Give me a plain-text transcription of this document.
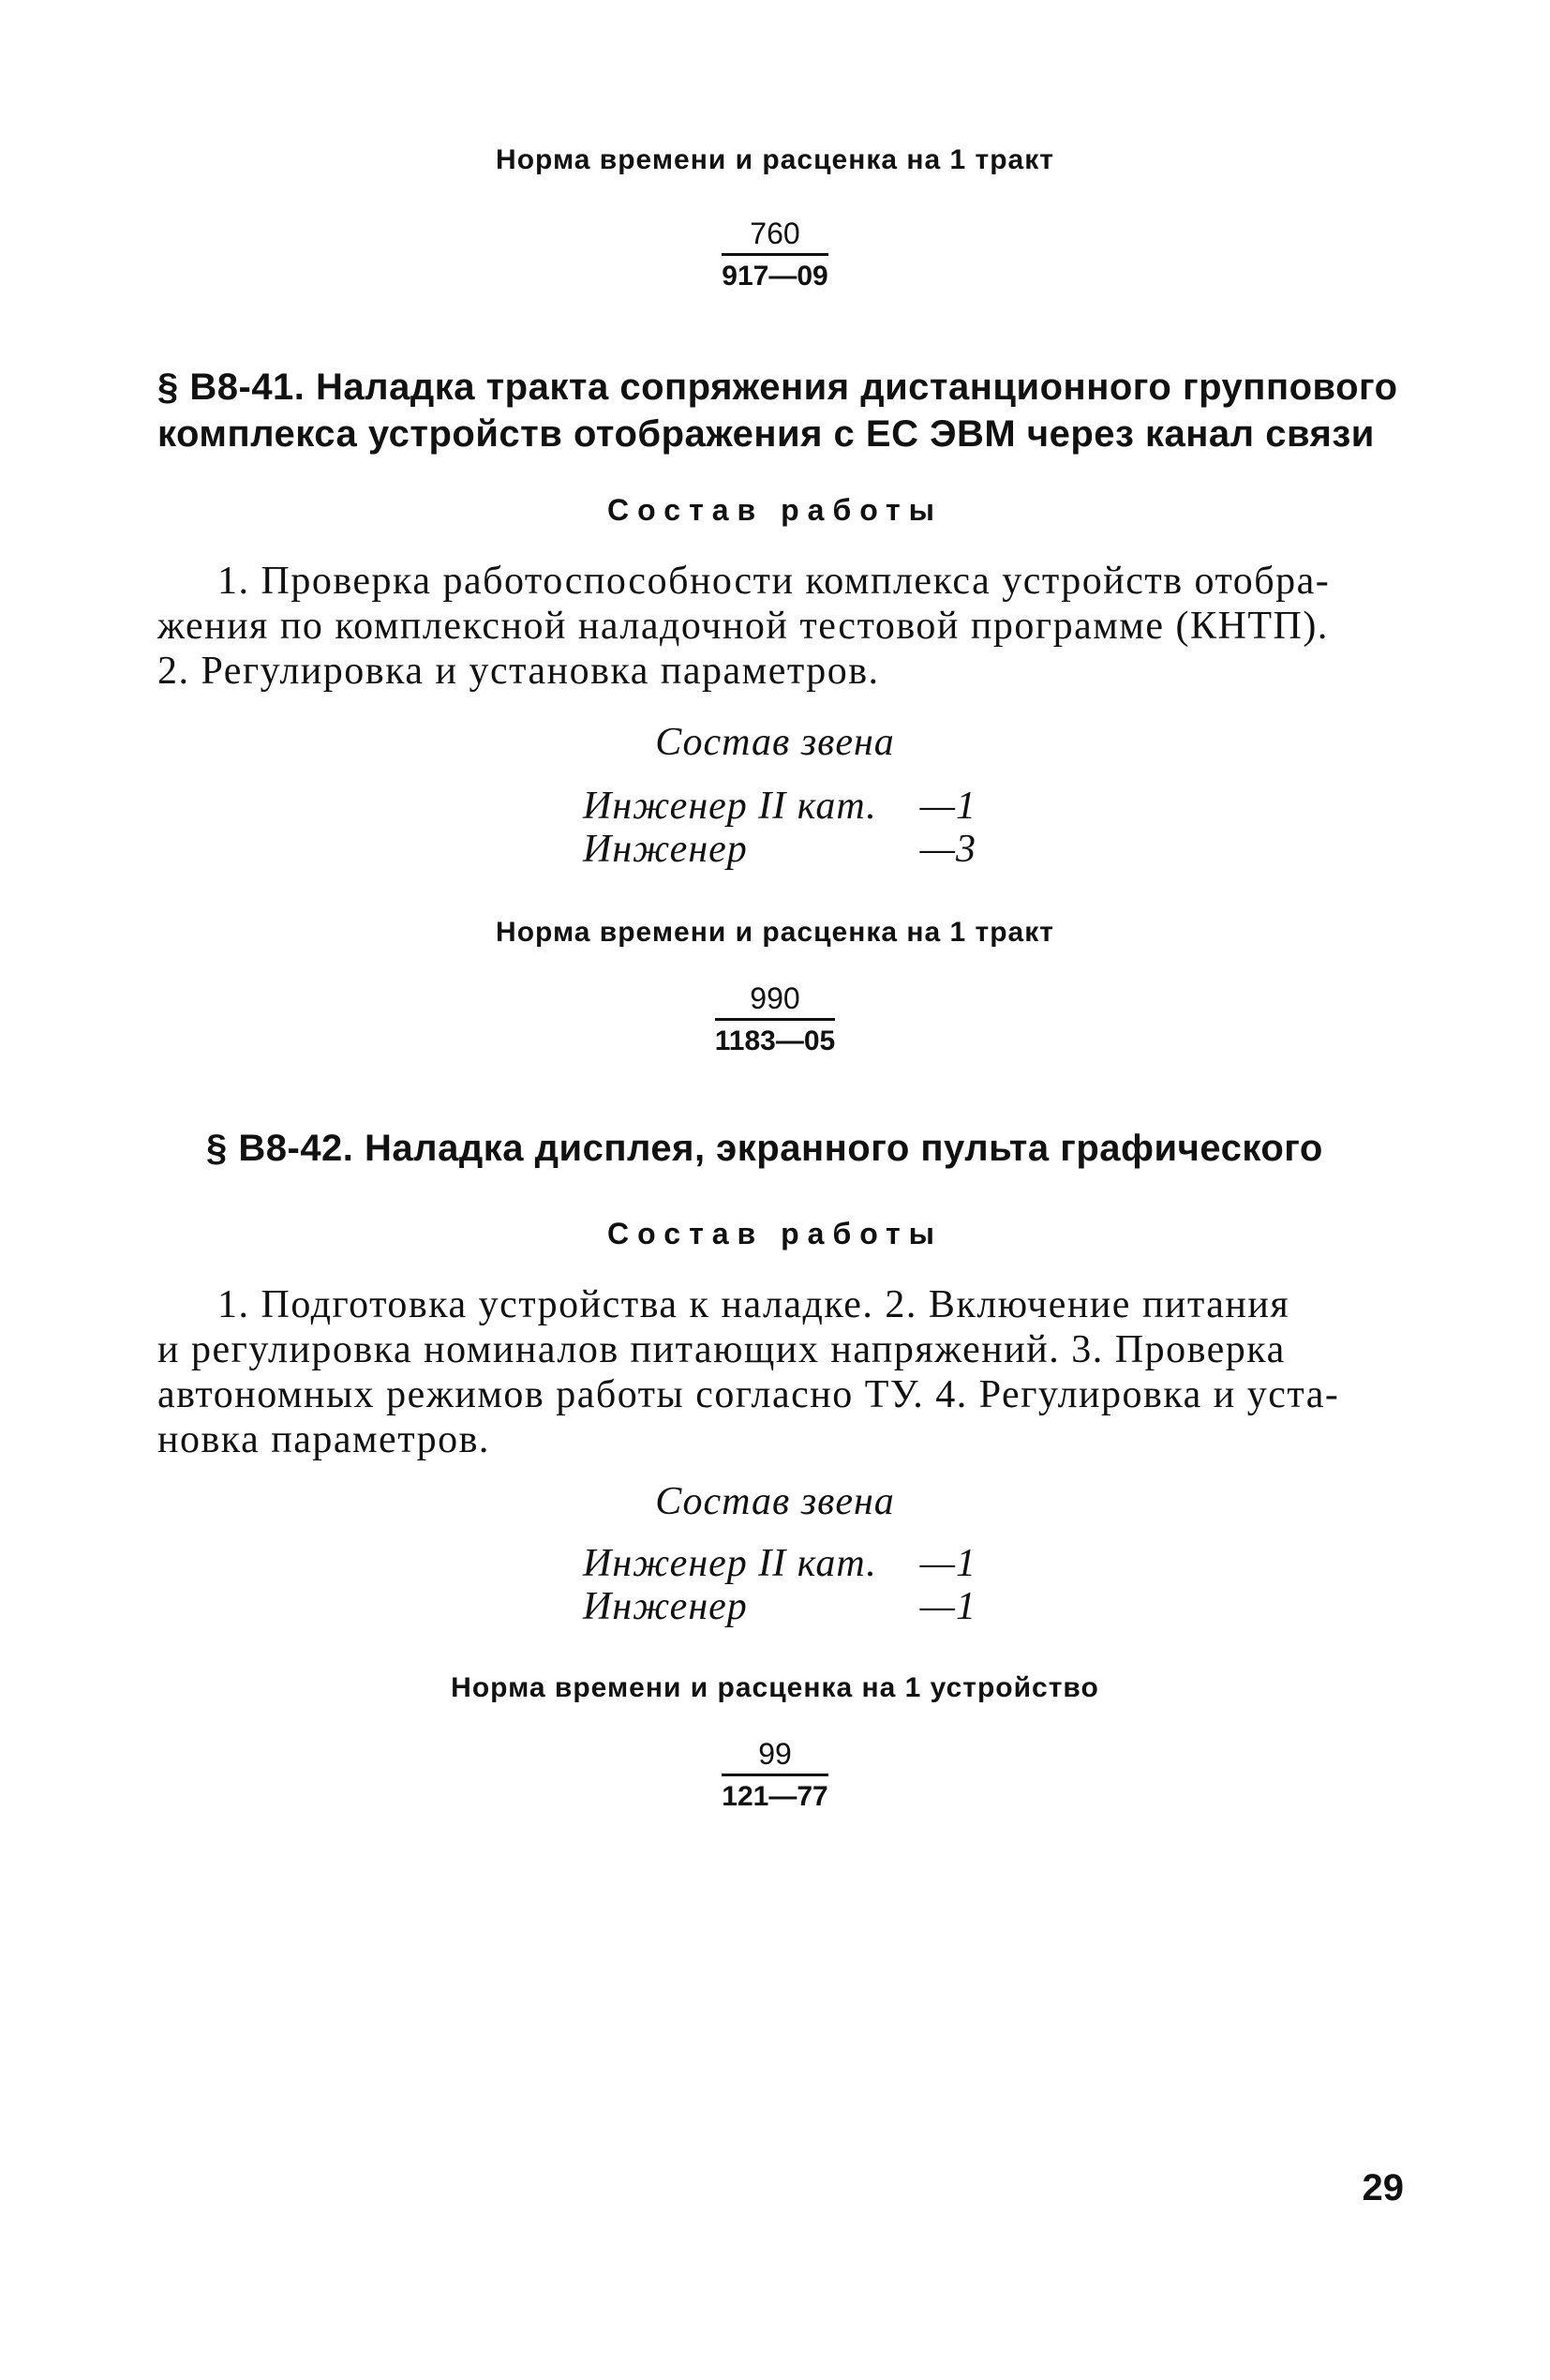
Норма времени и расценка на 1 тракт
$\frac{760}{917—09}$
§ В8-41. Наладка тракта сопряжения дистанционного группового
комплекса устройств отображения с ЕС ЭВМ через канал связи
Состав работы
1. Проверка работоспособности комплекса устройств отобра-
жения по комплексной наладочной тестовой программе (КНТП).
2. Регулировка и установка параметров.
Состав звена
Инженер II кат. —1
Инженер	—3
Норма времени и расценка на 1 тракт
$\frac{990}{1183—05}$
§ В8-42. Наладка дисплея, экранного пульта графического
Состав работы
1. Подготовка устройства к наладке. 2. Включение питания
и регулировка номиналов питающих напряжений. 3. Проверка
автономных режимов работы согласно ТУ. 4. Регулировка и уста-
новка параметров.
Состав звена
Инженер II кат. —1
Инженер	—1
Норма времени и расценка на 1 устройство
$\frac{99}{121—77}$
29
